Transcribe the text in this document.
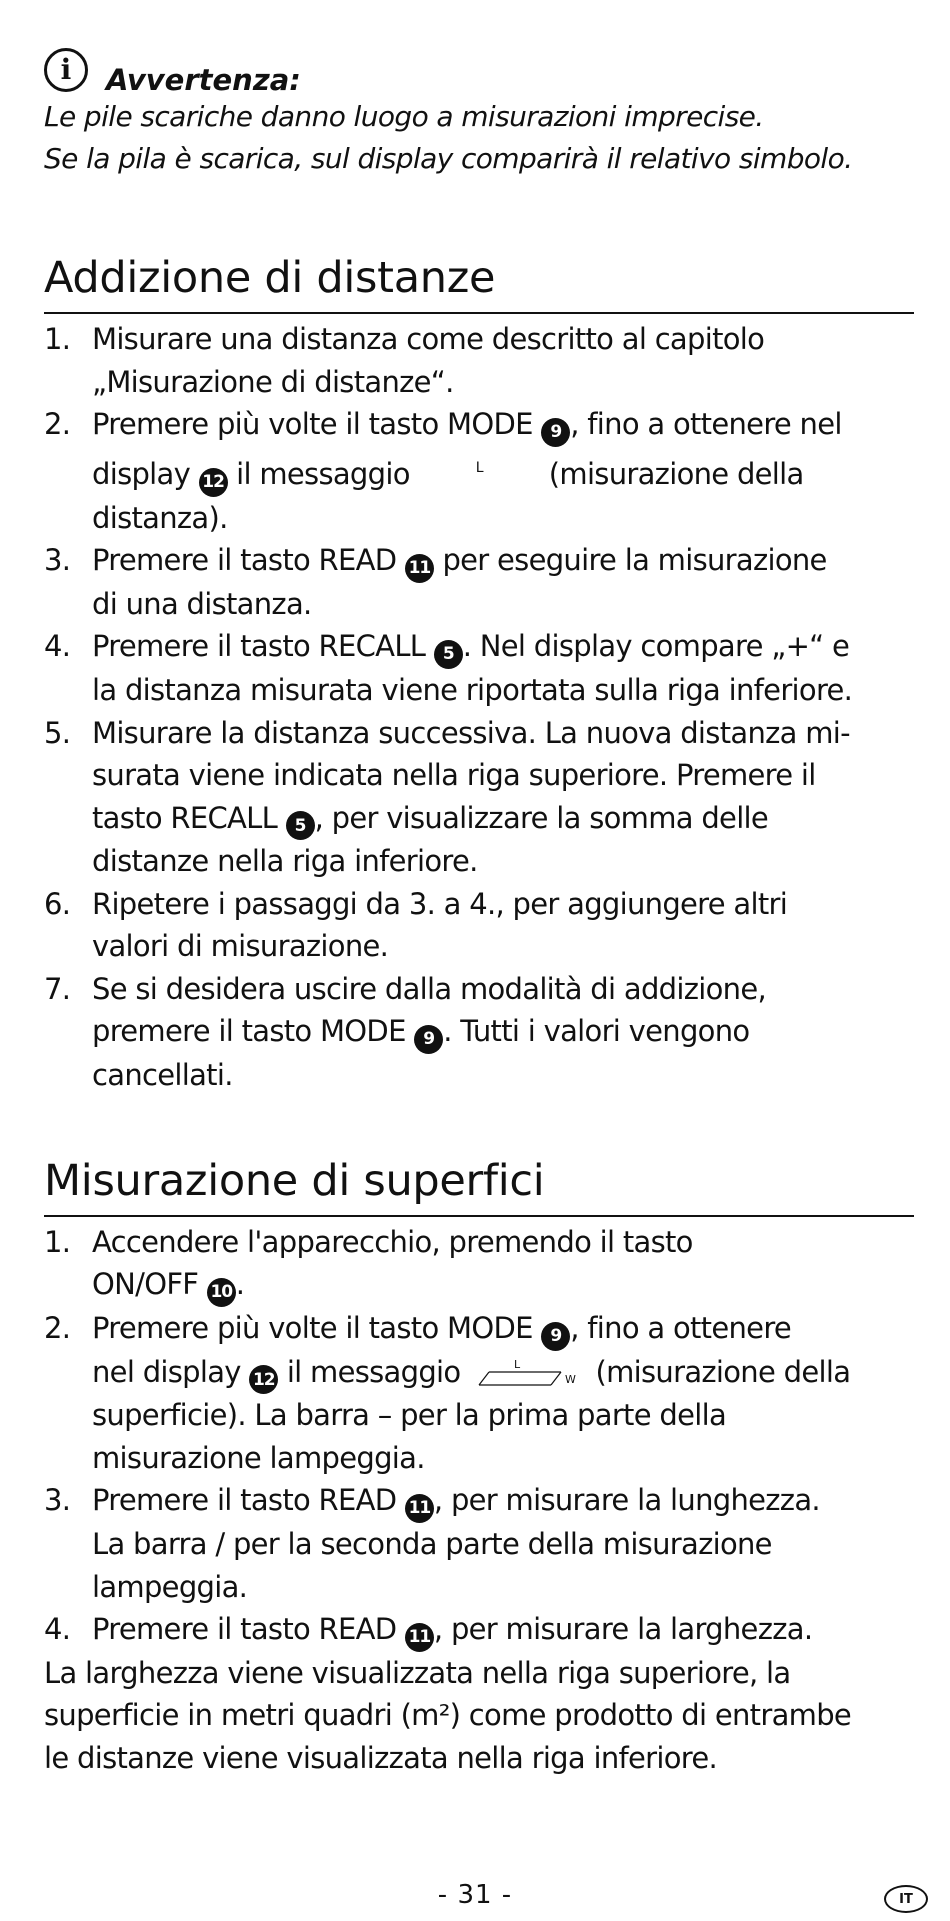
i	Avvertenza:
Le pile scariche danno luogo a misurazioni imprecise.
Se la pila è scarica, sul display comparirà il relativo simbolo.
Addizione di distanze
1. Misurare una distanza come descritto al capitolo
„Misurazione di distanze“.
2. Premere più volte il tasto MODE 9 , fino a ottenere nel
display 12 il messaggio	L (misurazione della
distanza).
3. Premere il tasto READ 11 per eseguire la misurazione
di una distanza.
4. Premere il tasto RECALL 5 . Nel display compare „+“ e
la distanza misurata viene riportata sulla riga inferiore.
5. Misurare la distanza successiva. La nuova distanza mi-
surata viene indicata nella riga superiore. Premere il
tasto RECALL 5 , per visualizzare la somma delle
distanze nella riga inferiore.
6. Ripetere i passaggi da 3. a 4., per aggiungere altri
valori di misurazione.
7. Se si desidera uscire dalla modalità di addizione,
premere il tasto MODE 9 . Tutti i valori vengono
cancellati.
Misurazione di superfici
1. Accendere l'apparecchio, premendo il tasto
ON/OFF 10 .
2. Premere più volte il tasto MODE 9 , fino a ottenere
nel display 12 il messaggio	L
W (misurazione della
superficie). La barra – per la prima parte della
misurazione lampeggia.
3. Premere il tasto READ 11 , per misurare la lunghezza.
La barra / per la seconda parte della misurazione
lampeggia.
4. Premere il tasto READ 11 , per misurare la larghezza.
La larghezza viene visualizzata nella riga superiore, la
superficie in metri quadri (m²) come prodotto di entrambe
le distanze viene visualizzata nella riga inferiore.
- 31 -	IT
